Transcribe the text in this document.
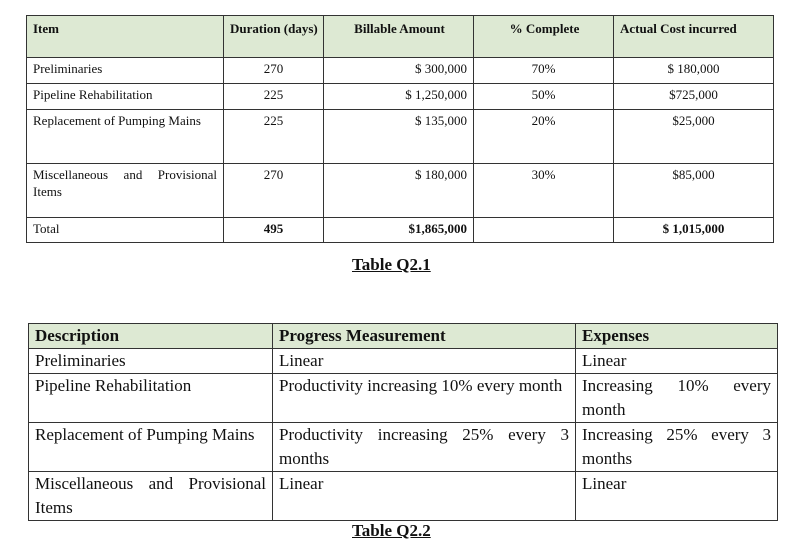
Item	Duration (days)	Billable Amount	% Complete	Actual Cost incurred
Preliminaries	270	$ 300,000	70%	$ 180,000
Pipeline Rehabilitation	225	$ 1,250,000	50%	$725,000
Replacement of Pumping Mains	225	$ 135,000	20%	$25,000
Miscellaneous and Provisional Items	270	$ 180,000	30%	$85,000
Total	495	$1,865,000		$ 1,015,000
Table Q2.1
Description	Progress Measurement	Expenses
Preliminaries	Linear	Linear
Pipeline Rehabilitation	Productivity increasing 10% every month	Increasing 10% every month
Replacement of Pumping Mains	Productivity increasing 25% every 3 months	Increasing 25% every 3 months
Miscellaneous and Provisional Items	Linear	Linear
Table Q2.2
